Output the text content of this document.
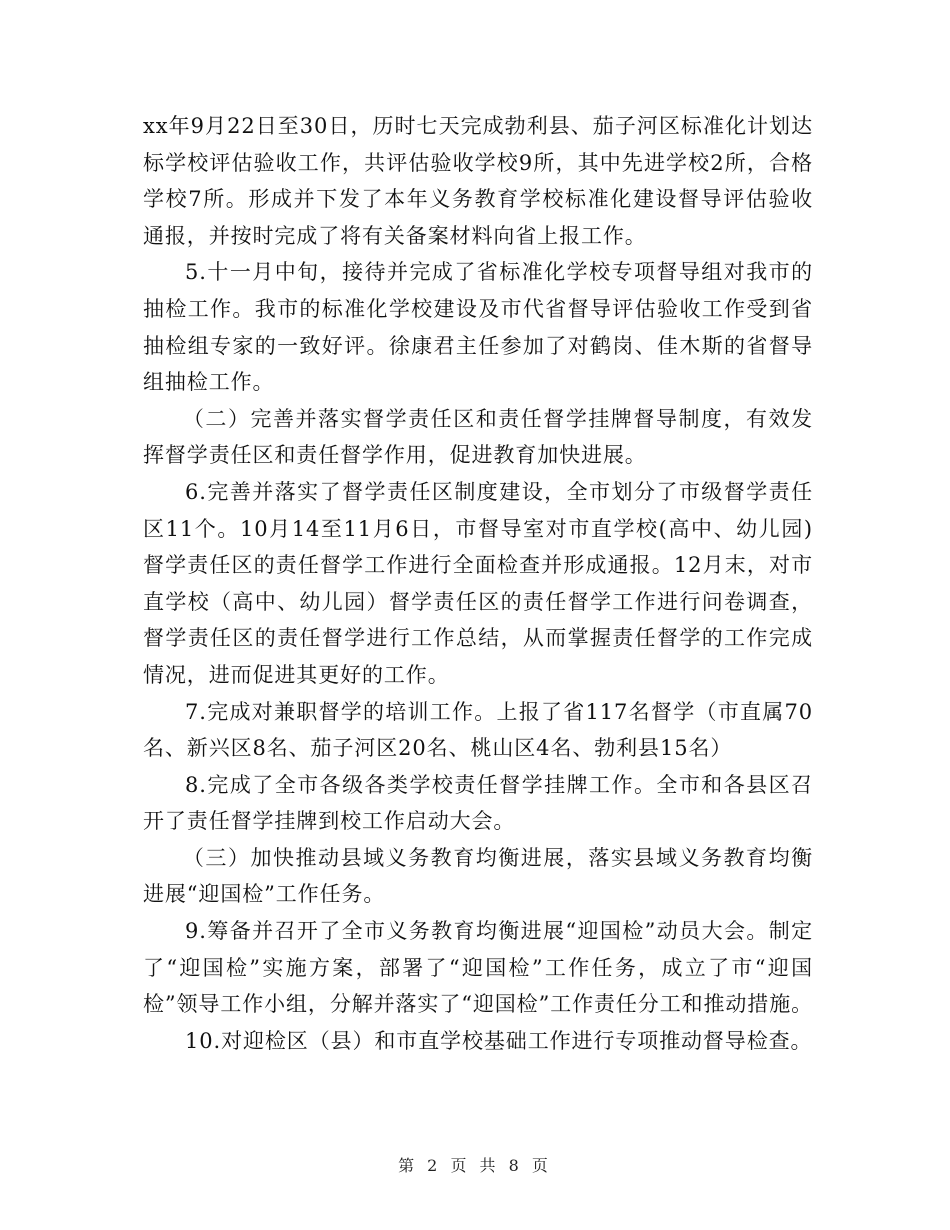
xx年9月22日至30日，历时七天完成勃利县、茄子河区标准化计划达标学校评估验收工作，共评估验收学校9所，其中先进学校2所，合格学校7所。形成并下发了本年义务教育学校标准化建设督导评估验收通报，并按时完成了将有关备案材料向省上报工作。

5.十一月中旬，接待并完成了省标准化学校专项督导组对我市的抽检工作。我市的标准化学校建设及市代省督导评估验收工作受到省抽检组专家的一致好评。徐康君主任参加了对鹤岗、佳木斯的省督导组抽检工作。

（二）完善并落实督学责任区和责任督学挂牌督导制度，有效发挥督学责任区和责任督学作用，促进教育加快进展。

6.完善并落实了督学责任区制度建设，全市划分了市级督学责任区11个。10月14至11月6日，市督导室对市直学校(高中、幼儿园)督学责任区的责任督学工作进行全面检查并形成通报。12月末，对市直学校（高中、幼儿园）督学责任区的责任督学工作进行问卷调查，督学责任区的责任督学进行工作总结，从而掌握责任督学的工作完成情况，进而促进其更好的工作。

7.完成对兼职督学的培训工作。上报了省117名督学（市直属70名、新兴区8名、茄子河区20名、桃山区4名、勃利县15名）

8.完成了全市各级各类学校责任督学挂牌工作。全市和各县区召开了责任督学挂牌到校工作启动大会。

（三）加快推动县域义务教育均衡进展，落实县域义务教育均衡进展“迎国检”工作任务。

9.筹备并召开了全市义务教育均衡进展“迎国检”动员大会。制定了“迎国检”实施方案，部署了“迎国检”工作任务，成立了市“迎国检”领导工作小组，分解并落实了“迎国检”工作责任分工和推动措施。

10.对迎检区（县）和市直学校基础工作进行专项推动督导检查。

第 2 页 共 8 页
